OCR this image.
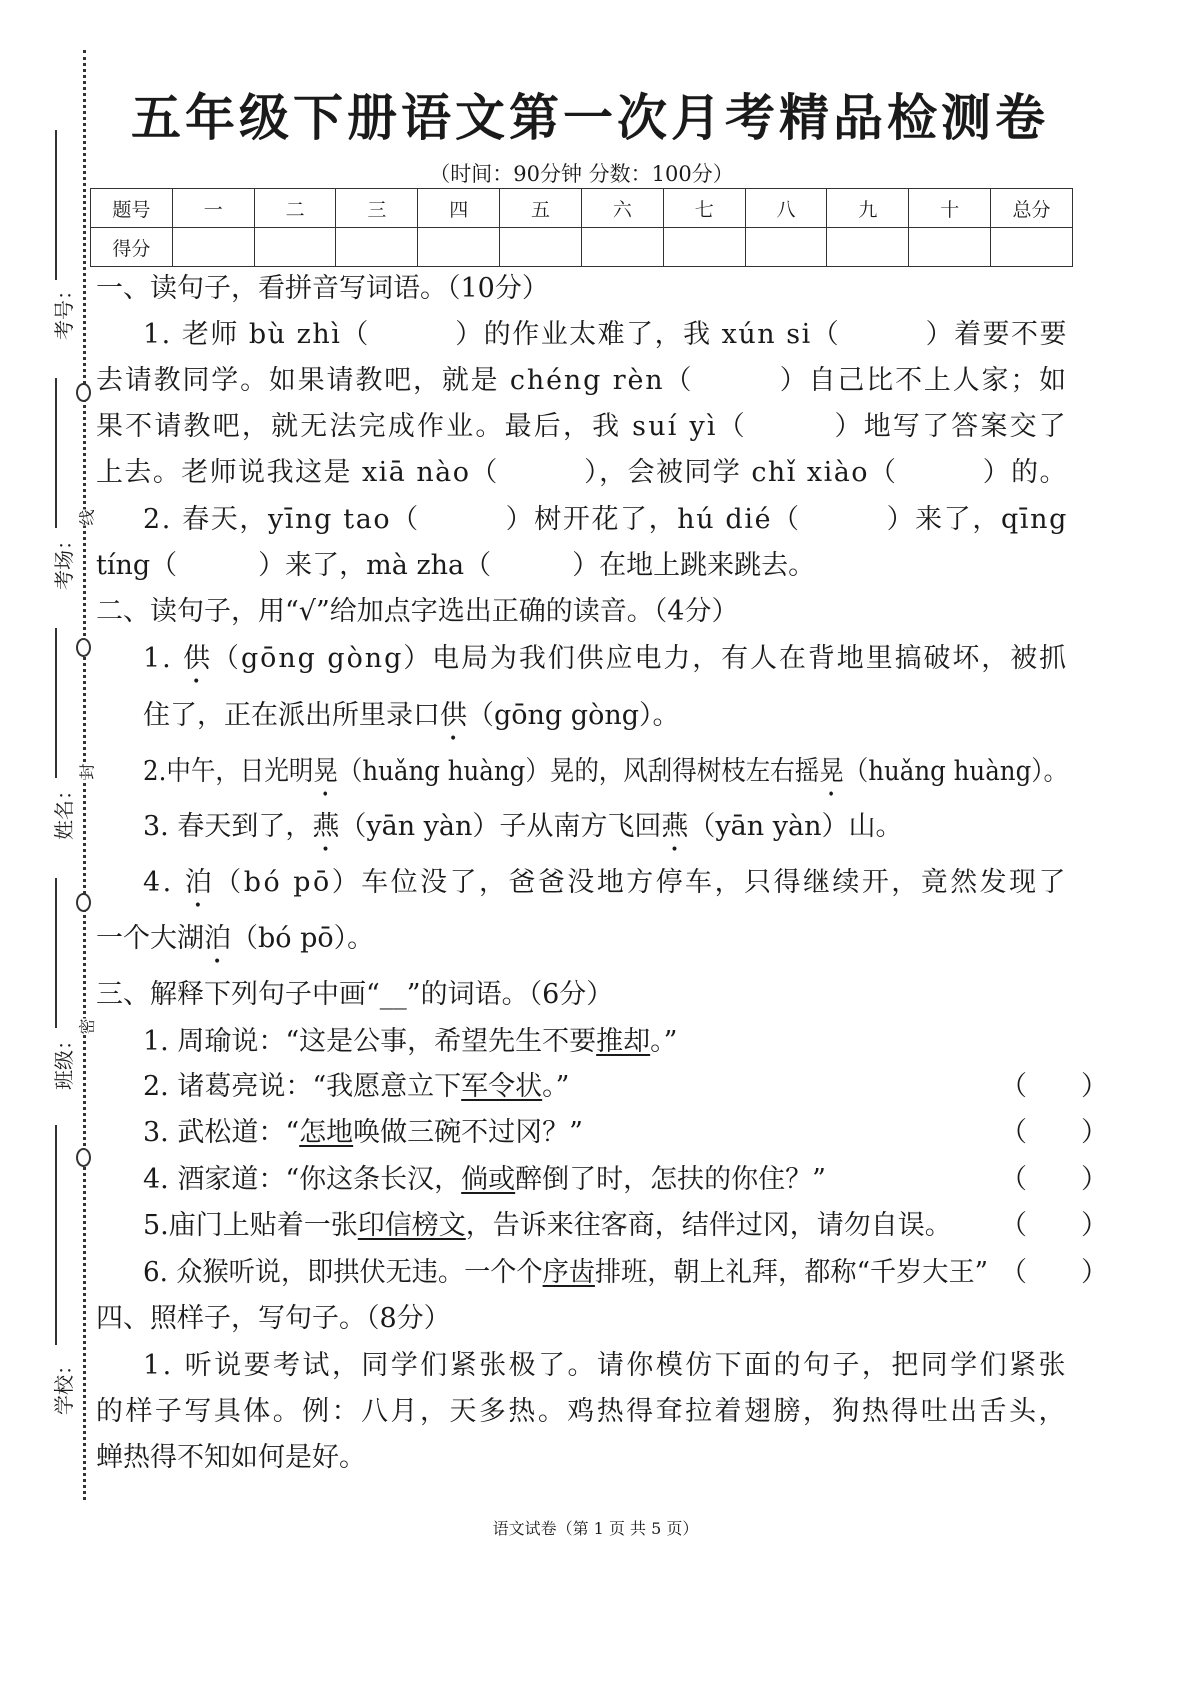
线
封
密
考号：
考场：
姓名：
班级：
学校：
五年级下册语文第一次月考精品检测卷
（时间：90分钟 分数：100分）
题号	一	二	三	四	五	六	七	八	九	十	总分
得分											
一、读句子，看拼音写词语。（10分）
1. 老师 bù zhì（　　　）的作业太难了，我 xún si（　　　）着要不要
去请教同学。如果请教吧，就是 chéng rèn（　　　）自己比不上人家；如
果不请教吧，就无法完成作业。最后，我 suí yì（　　　）地写了答案交了
上去。老师说我这是 xiā nào（　　　），会被同学 chǐ xiào（　　　）的。
2. 春天，yīng tao（　　　）树开花了，hú dié（　　　）来了，qīng
tíng（　　　）来了，mà zha（　　　）在地上跳来跳去。
二、读句子，用“√”给加点字选出正确的读音。（4分）
1. 供（gōng gòng）电局为我们供应电力，有人在背地里搞破坏，被抓
住了，正在派出所里录口供（gōng gòng）。
2.中午，日光明晃（huǎng huàng）晃的，风刮得树枝左右摇晃（huǎng huàng）。
3. 春天到了，燕（yān yàn）子从南方飞回燕（yān yàn）山。
4. 泊（bó pō）车位没了，爸爸没地方停车，只得继续开，竟然发现了
一个大湖泊（bó pō）。
三、解释下列句子中画“__”的词语。（6分）
1. 周瑜说：“这是公事，希望先生不要推却。”
2. 诸葛亮说：“我愿意立下军令状。”	（　　）
3. 武松道：“怎地唤做三碗不过冈？”	（　　）
4. 酒家道：“你这条长汉，倘或醉倒了时，怎扶的你住？”	（　　）
5.庙门上贴着一张印信榜文，告诉来往客商，结伴过冈，请勿自误。	（　　）
6. 众猴听说，即拱伏无违。一个个序齿排班，朝上礼拜，都称“千岁大王” （　　）
四、照样子，写句子。（8分）
1. 听说要考试，同学们紧张极了。请你模仿下面的句子，把同学们紧张
的样子写具体。例：八月，天多热。鸡热得耷拉着翅膀，狗热得吐出舌头，
蝉热得不知如何是好。
语文试卷（第 1 页 共 5 页）
